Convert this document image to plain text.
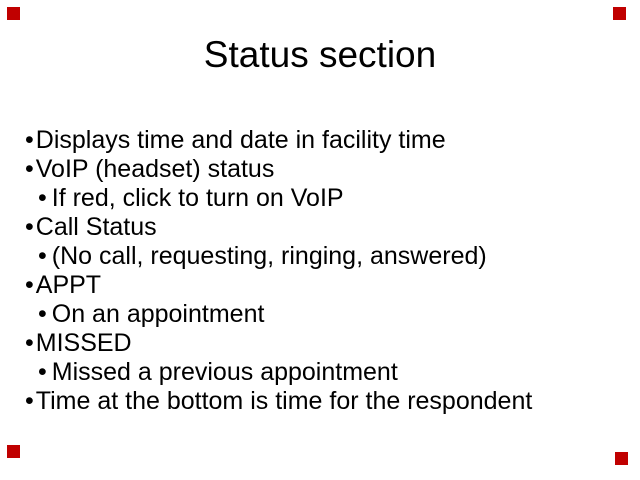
Status section
• Displays time and date in facility time
• VoIP (headset) status
• If red, click to turn on VoIP
• Call Status
• (No call, requesting, ringing, answered)
• APPT
• On an appointment
• MISSED
• Missed a previous appointment
• Time at the bottom is time for the respondent
